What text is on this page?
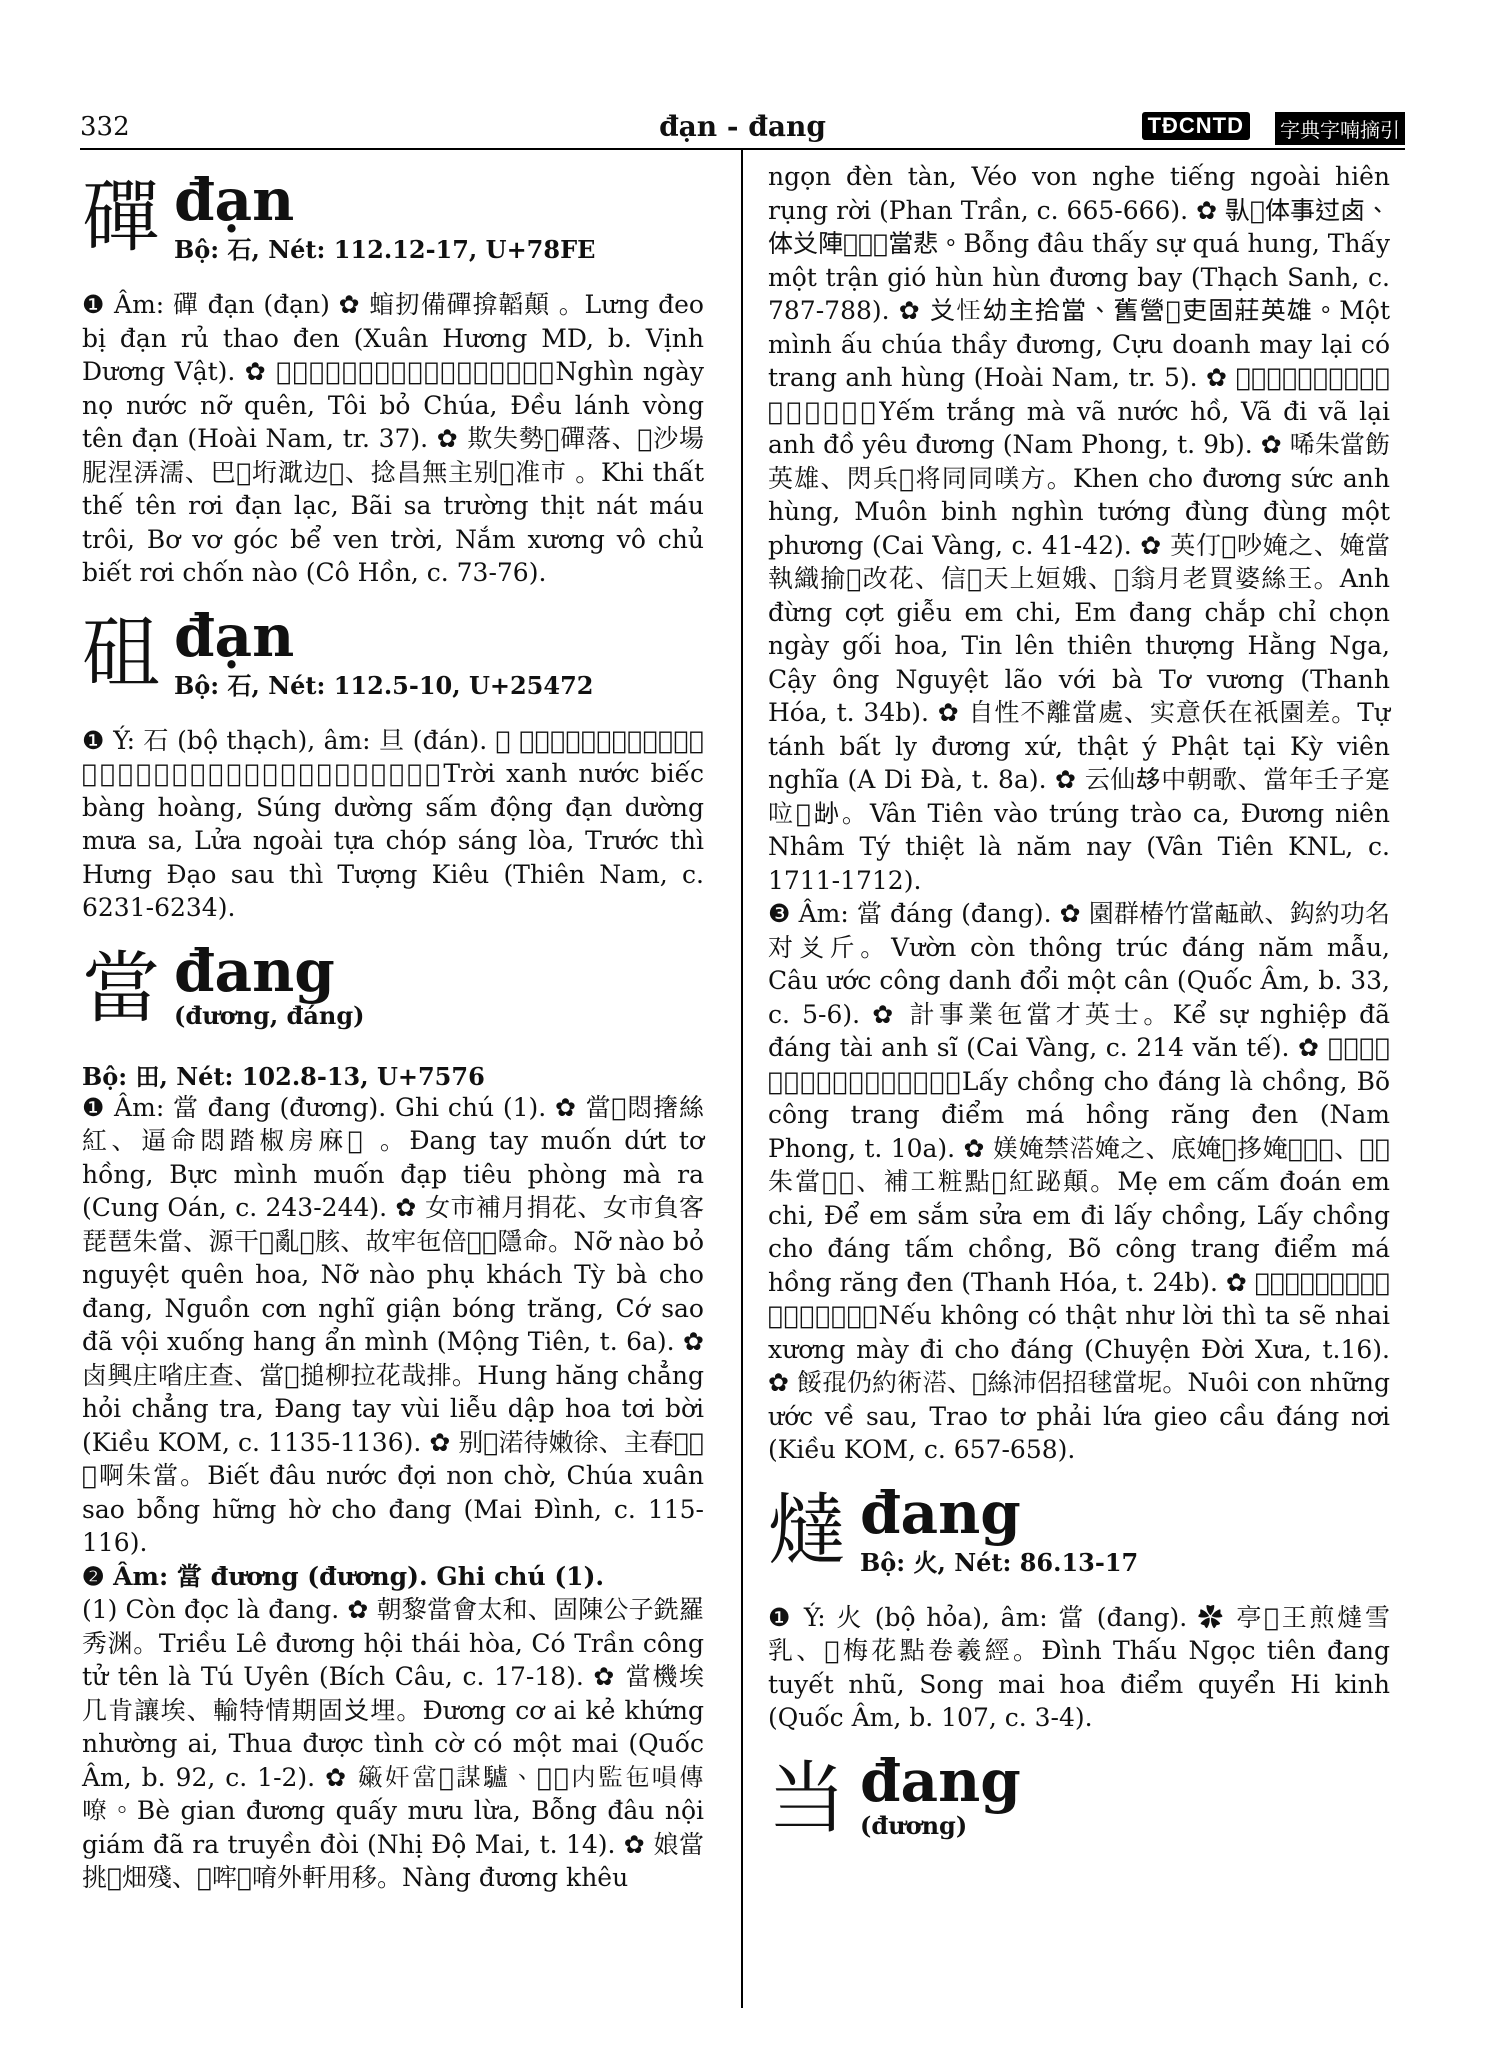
332	đạn - đang	TĐCNTD	字典字喃摘引
磾 đạn
Bộ: 石, Nét: 112.12-17, U+78FE

❶ Âm: 磾 đạn (đạn) ✿ 䗈扨備磾揜韜顛 。Lưng đeo bị đạn rủ thao đen (Xuân Hương MD, b. Vịnh Dương Vật). ✿ 𢀭𨁪伖渃妄涓、碎補主、調另綏荖磾。Nghìn ngày nọ nước nỡ quên, Tôi bỏ Chúa, Đều lánh vòng tên đạn (Hoài Nam, tr. 37). ✿ 欺失勢𢬣磾落、𡐙沙場胒涅㳥濡、巴𡗶垳㴷边𣷷、捻昌無主别𠄼准市 。Khi thất thế tên rơi đạn lạc, Bãi sa trường thịt nát máu trôi, Bơ vơ góc bể ven trời, Nắm xương vô chủ biết rơi chốn nào (Cô Hồn, c. 73-76).

砠 đạn
Bộ: 石, Nét: 112.5-10, U+25472

❶ Ý: 石 (bộ thạch), âm: 旦 (đán). ✿ 𣷷撑渃碧徬徨、銃𢩮𩂟動砠𢩮湄沙、焒外似𤈜朗熮、轄時興道𨍦時象撟。Trời xanh nước biếc bàng hoàng, Súng dường sấm động đạn dường mưa sa, Lửa ngoài tựa chóp sáng lòa, Trước thì Hưng Đạo sau thì Tượng Kiêu (Thiên Nam, c. 6231-6234).

當 đang
(đương, đáng)
Bộ: 田, Nét: 102.8-13, U+7576

❶ Âm: 當 đang (đương). Ghi chú (1). ✿ 當𢬣悶撦絲紅、逼命悶踏椒房麻𠚢 。Đang tay muốn dứt tơ hồng, Bực mình muốn đạp tiêu phòng mà ra (Cung Oán, c. 243-244). ✿ 女市補月捐花、女市負客琵琶朱當、源干𢬣亂𡗶胲、故牢㐌倍𨁩𢭸隱命。Nỡ nào bỏ nguyệt quên hoa, Nỡ nào phụ khách Tỳ bà cho đang, Nguồn cơn nghĩ giận bóng trăng, Cớ sao đã vội xuống hang ẩn mình (Mộng Tiên, t. 6a). ✿ 卤興庄㗂庄查、當𢬣搥柳拉花哉排。Hung hăng chẳng hỏi chẳng tra, Đang tay vùi liễu dập hoa tơi bời (Kiều KOM, c. 1135-1136). ✿ 别𠁀渃待嫩徐、主春𥙩𠊛𠻀啊朱當。Biết đâu nước đợi non chờ, Chúa xuân sao bỗng hững hờ cho đang (Mai Đình, c. 115-116).

❷ Âm: 當 đương (đương). Ghi chú (1).

(1) Còn đọc là đang. ✿ 朝黎當會太和、固陳公子銑羅秀渊。Triều Lê đương hội thái hòa, Có Trần công tử tên là Tú Uyên (Bích Câu, c. 17-18). ✿ 當機埃几肯讓埃、輸特情期固𠬠埋。Đương cơ ai kẻ khứng nhường ai, Thua được tình cờ có một mai (Quốc Âm, b. 92, c. 1-2). ✿ 𥶄奸當𢬣謀驢、𠊛𠁀内監㐌𠹚傳嘹。Bè gian đương quấy mưu lừa, Bỗng đâu nội giám đã ra truyền đòi (Nhị Độ Mai, t. 14). ✿ 娘當挑𦷾畑殘、𠯦哰𥉫唷外軒用移。Nàng đương khêu

ngọn đèn tàn, Véo von nghe tiếng ngoài hiên rụng rời (Phan Trần, c. 665-666). ✿ 𠊛𠁀体事过卤、体𠬠陣𩙌𠻀𠻀當悲。Bỗng đâu thấy sự quá hung, Thấy một trận gió hùn hùn đương bay (Thạch Sanh, c. 787-788). ✿ 𠬠𢗖幼主拾當、舊營𦹵吏固莊英雄。Một mình ấu chúa thầy đương, Cựu doanh may lại có trang anh hùng (Hoài Nam, tr. 5). ✿ 𪃴𠸒麻𣷷渃湖、𣷷𢬣𣷷吏英徒夭當。Yếm trắng mà vã nước hồ, Vã đi vã lại anh đồ yêu đương (Nam Phong, t. 9b). ✿ 唏朱當飭英雄、閃兵𢀭将同同𠸍方。Khen cho đương sức anh hùng, Muôn binh nghìn tướng đùng đùng một phương (Cai Vàng, c. 41-42). ✿ 英仃𠻀吵㛪之、㛪當執織揄𣋚改花、信𨖲天上姮娥、𢬣翁月老買婆絲王。Anh đừng cợt giễu em chi, Em đang chắp chỉ chọn ngày gối hoa, Tin lên thiên thượng Hằng Nga, Cậy ông Nguyệt lão với bà Tơ vương (Thanh Hóa, t. 34b). ✿ 自性不離當處、实意仸在祇園差。Tự tánh bất ly đương xứ, thật ý Phật tại Kỳ viên nghĩa (A Di Đà, t. 8a). ✿ 云仙𠫾中朝歌、當年壬子寔㕸𢆥𡭧。Vân Tiên vào trúng trào ca, Đương niên Nhâm Tý thiệt là năm nay (Vân Tiên KNL, c. 1711-1712).

❸ Âm: 當 đáng (đang). ✿ 園群椿竹當𠄼畝、鈎約功名对𠬠斤。Vườn còn thông trúc đáng năm mẫu, Câu ước công danh đổi một cân (Quốc Âm, b. 33, c. 5-6). ✿ 計事業㐌當才英士。Kể sự nghiệp đã đáng tài anh sĩ (Cai Vàng, c. 214 văn tế). ✿ 𥙩𠊛朱當𠊛𠊛、補工粧點𩝺紅䟤顛。Lấy chồng cho đáng là chồng, Bõ công trang điểm má hồng răng đen (Nam Phong, t. 10a). ✿ 媄㛪禁𣹓㛪之、底㛪𢩾拸㛪𢬣𥙩𠊛、𥙩𠊛朱當𠊛𠊛、補工粧點𩝺紅䟤顛。Mẹ em cấm đoán em chi, Để em sắm sửa em đi lấy chồng, Lấy chồng cho đáng tấm chồng, Bõ công trang điểm má hồng răng đen (Thanh Hóa, t. 24b). ✿ 𡗉空𡗶實如𥙩時些仕𠸍昌眉𢬣朱當。Nếu không có thật như lời thì ta sẽ nhai xương mày đi cho đáng (Chuyện Đời Xưa, t.16). ✿ 餒𡥵仍約術𣹓、𢬣絲沛侶招毬當坭。Nuôi con những ước về sau, Trao tơ phải lứa gieo cầu đáng nơi (Kiều KOM, c. 657-658).

燵 đang
Bộ: 火, Nét: 86.13-17

❶ Ý: 火 (bộ hỏa), âm: 當 (đang). ✿ 亭𣷷王煎燵雪乳、𦛌梅花點卷羲經。Đình Thấu Ngọc tiên đang tuyết nhũ, Song mai hoa điểm quyển Hi kinh (Quốc Âm, b. 107, c. 3-4).

当 đang
(đương)
